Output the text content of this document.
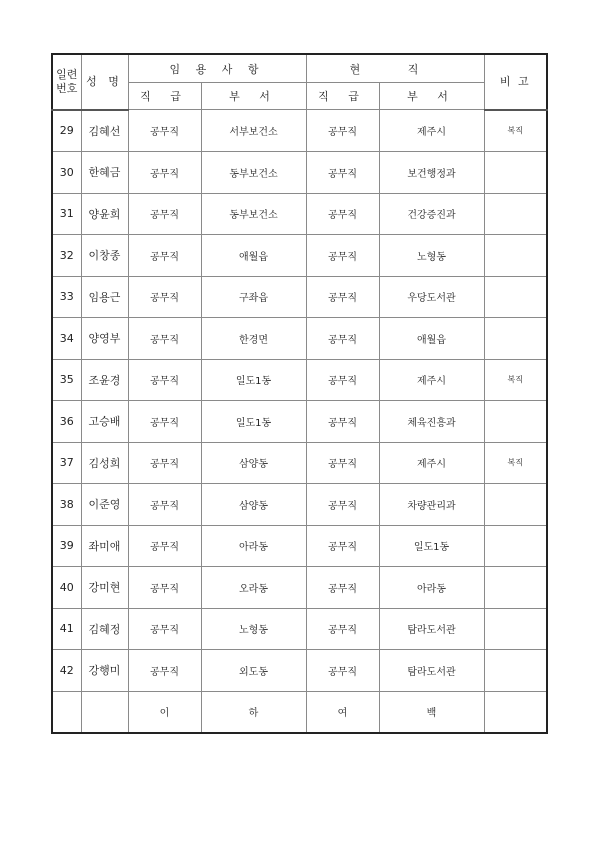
일련
번호	성 명	임 용 사 항		현 직		비 고
		직 급	부 서	직 급	부 서	
29	김혜선	공무직	서부보건소	공무직	제주시	복직
30	한혜금	공무직	동부보건소	공무직	보건행정과	
31	양윤희	공무직	동부보건소	공무직	건강증진과	
32	이창종	공무직	애월읍	공무직	노형동	
33	임용근	공무직	구좌읍	공무직	우당도서관	
34	양영부	공무직	한경면	공무직	애월읍	
35	조윤경	공무직	일도1동	공무직	제주시	복직
36	고승배	공무직	일도1동	공무직	체육진흥과	
37	김성희	공무직	삼양동	공무직	제주시	복직
38	이준영	공무직	삼양동	공무직	차량관리과	
39	좌미애	공무직	아라동	공무직	일도1동	
40	강미현	공무직	오라동	공무직	아라동	
41	김혜정	공무직	노형동	공무직	탐라도서관	
42	강행미	공무직	외도동	공무직	탐라도서관	
		이	하	여	백	
